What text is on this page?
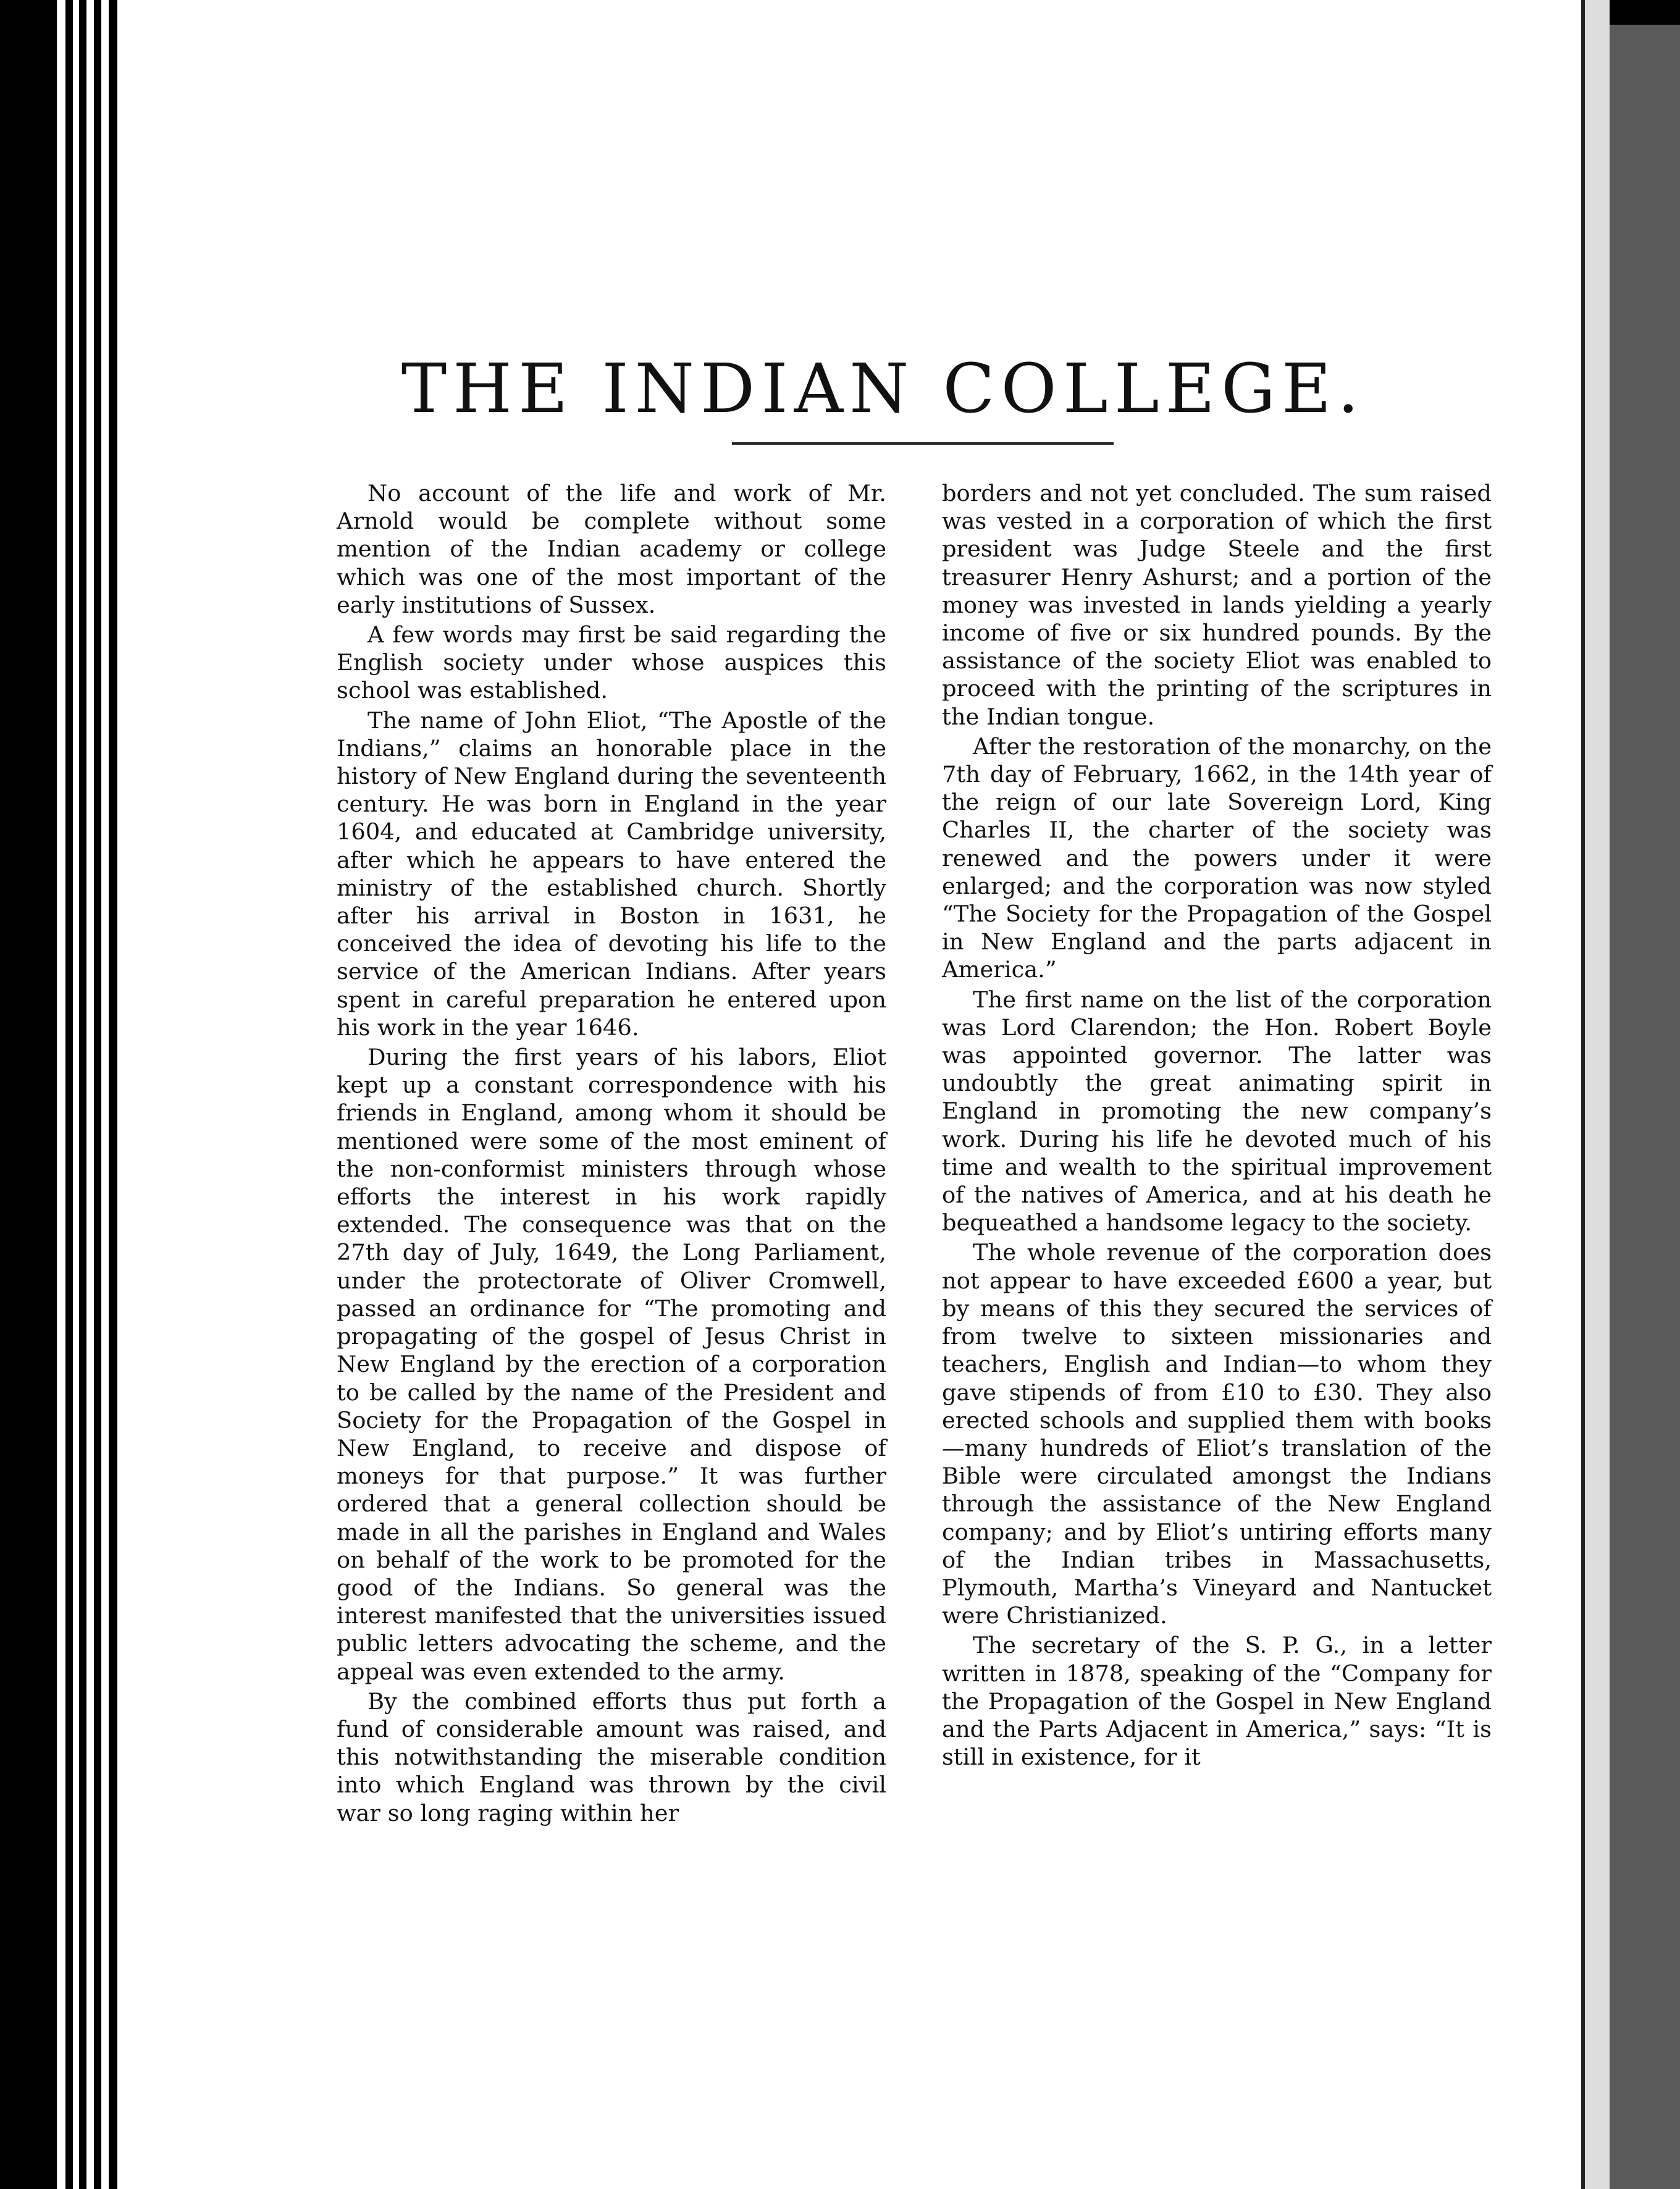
THE INDIAN COLLEGE.

No account of the life and work of Mr. Arnold would be complete without some mention of the Indian academy or college which was one of the most important of the early institutions of Sussex.

A few words may first be said regarding the English society under whose auspices this school was established.

The name of John Eliot, “The Apostle of the Indians,” claims an honorable place in the history of New England during the seventeenth century. He was born in England in the year 1604, and educated at Cambridge university, after which he appears to have entered the ministry of the established church. Shortly after his arrival in Boston in 1631, he conceived the idea of devoting his life to the service of the American Indians. After years spent in careful preparation he entered upon his work in the year 1646.

During the first years of his labors, Eliot kept up a constant correspondence with his friends in England, among whom it should be mentioned were some of the most eminent of the non-conformist ministers through whose efforts the interest in his work rapidly extended. The consequence was that on the 27th day of July, 1649, the Long Parliament, under the protectorate of Oliver Cromwell, passed an ordinance for “The promoting and propagating of the gospel of Jesus Christ in New England by the erection of a corporation to be called by the name of the President and Society for the Propagation of the Gospel in New England, to receive and dispose of moneys for that purpose.” It was further ordered that a general collection should be made in all the parishes in England and Wales on behalf of the work to be promoted for the good of the Indians. So general was the interest manifested that the universities issued public letters advocating the scheme, and the appeal was even extended to the army.

By the combined efforts thus put forth a fund of considerable amount was raised, and this notwithstanding the miserable condition into which England was thrown by the civil war so long raging within her

borders and not yet concluded. The sum raised was vested in a corporation of which the first president was Judge Steele and the first treasurer Henry Ashurst; and a portion of the money was invested in lands yielding a yearly income of five or six hundred pounds. By the assistance of the society Eliot was enabled to proceed with the printing of the scriptures in the Indian tongue.

After the restoration of the monarchy, on the 7th day of February, 1662, in the 14th year of the reign of our late Sovereign Lord, King Charles II, the charter of the society was renewed and the powers under it were enlarged; and the corporation was now styled “The Society for the Propagation of the Gospel in New England and the parts adjacent in America.”

The first name on the list of the corporation was Lord Clarendon; the Hon. Robert Boyle was appointed governor. The latter was undoubtly the great animating spirit in England in promoting the new company’s work. During his life he devoted much of his time and wealth to the spiritual improvement of the natives of America, and at his death he bequeathed a handsome legacy to the society.

The whole revenue of the corporation does not appear to have exceeded £600 a year, but by means of this they secured the services of from twelve to sixteen missionaries and teachers, English and Indian—to whom they gave stipends of from £10 to £30. They also erected schools and supplied them with books—many hundreds of Eliot’s translation of the Bible were circulated amongst the Indians through the assistance of the New England company; and by Eliot’s untiring efforts many of the Indian tribes in Massachusetts, Plymouth, Martha’s Vineyard and Nantucket were Christianized.

The secretary of the S. P. G., in a letter written in 1878, speaking of the “Company for the Propagation of the Gospel in New England and the Parts Adjacent in America,” says: “It is still in existence, for it
